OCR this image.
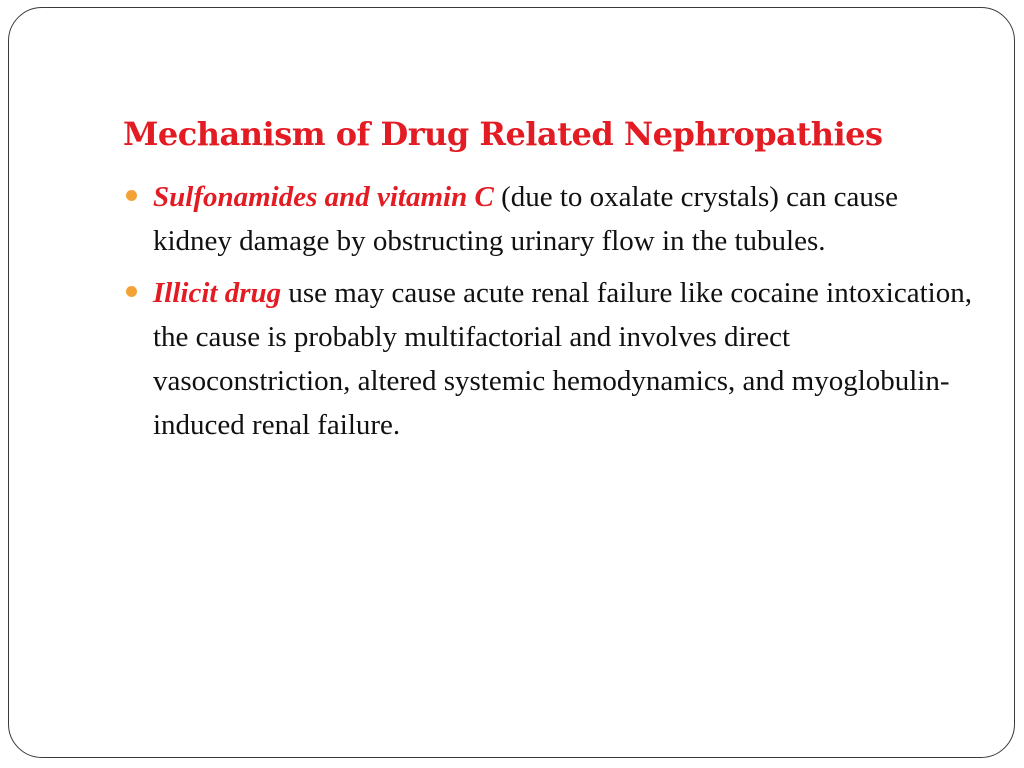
Mechanism of Drug Related Nephropathies
Sulfonamides and vitamin C (due to oxalate crystals) can cause kidney damage by obstructing urinary flow in the tubules.
Illicit drug use may cause acute renal failure like cocaine intoxication, the cause is probably multifactorial and involves direct vasoconstriction, altered systemic hemodynamics, and myoglobulin-induced renal failure.
